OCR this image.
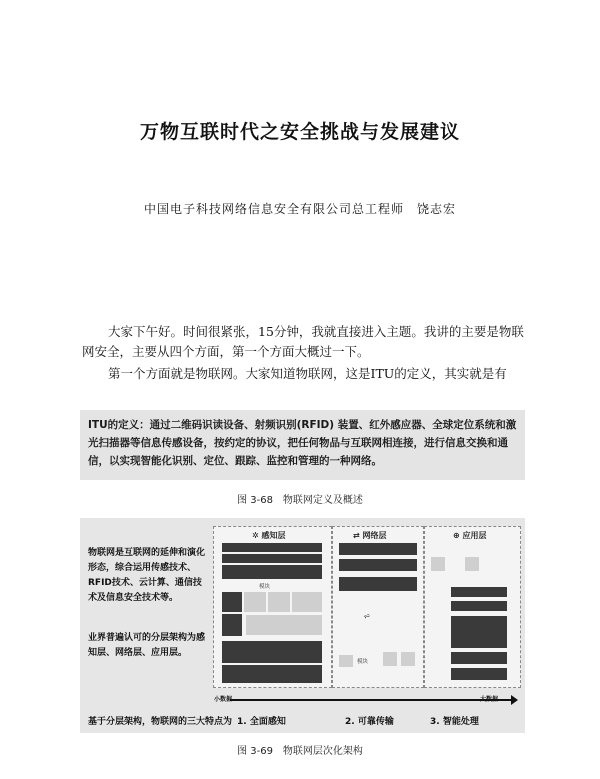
万物互联时代之安全挑战与发展建议
中国电子科技网络信息安全有限公司总工程师　饶志宏
大家下午好。时间很紧张，15分钟，我就直接进入主题。我讲的主要是物联网安全，主要从四个方面，第一个方面大概过一下。
第一个方面就是物联网。大家知道物联网，这是ITU的定义，其实就是有
ITU的定义：通过二维码识读设备、射频识别(RFID) 装置、红外感应器、全球定位系统和激光扫描器等信息传感设备，按约定的协议，把任何物品与互联网相连接，进行信息交换和通信，以实现智能化识别、定位、跟踪、监控和管理的一种网络。
图 3-68　物联网定义及概述
物联网是互联网的延伸和演化形态，综合运用传感技术、RFID技术、云计算、通信技术及信息安全技术等。
业界普遍认可的分层架构为感知层、网络层、应用层。
✲ 感知层
模块
⇄ 网络层
⩫
模块
⊕ 应用层
小数据	大数据
基于分层架构，物联网的三大特点为 1. 全面感知	2. 可靠传输	3. 智能处理
图 3-69　物联网层次化架构
